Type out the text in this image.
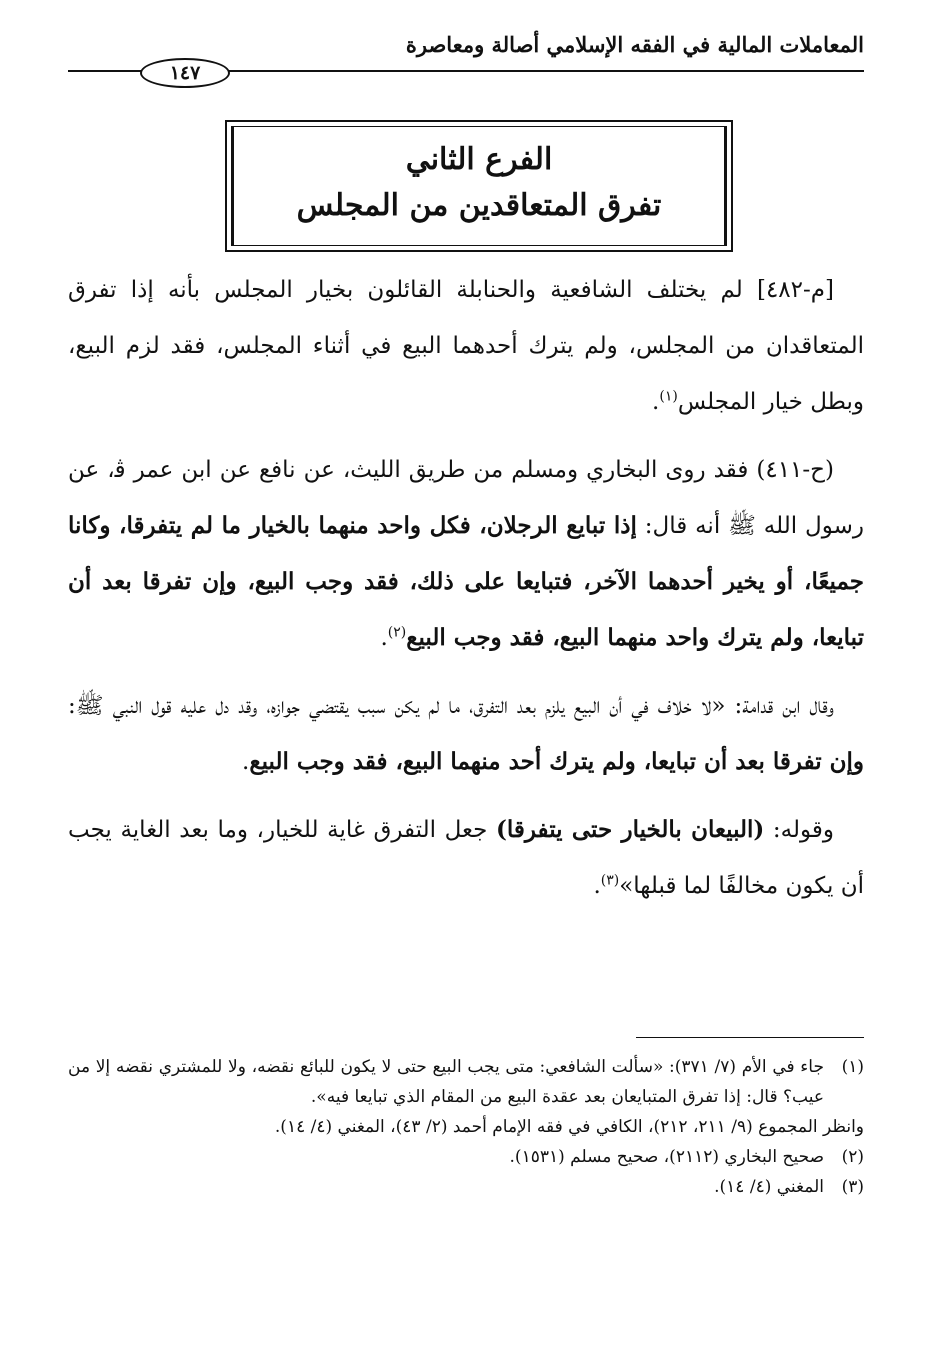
المعاملات المالية في الفقه الإسلامي أصالة ومعاصرة
١٤٧
الفرع الثاني
تفرق المتعاقدين من المجلس

[م-٤٨٢] لم يختلف الشافعية والحنابلة القائلون بخيار المجلس بأنه إذا تفرق المتعاقدان من المجلس، ولم يترك أحدهما البيع في أثناء المجلس، فقد لزم البيع، وبطل خيار المجلس$^{(١)}$.

(ح-٤١١) فقد روى البخاري ومسلم من طريق الليث، عن نافع عن ابن عمر ﭬ، عن رسول الله ﷺ أنه قال: إذا تبايع الرجلان، فكل واحد منهما بالخيار ما لم يتفرقا، وكانا جميعًا، أو يخير أحدهما الآخر، فتبايعا على ذلك، فقد وجب البيع، وإن تفرقا بعد أن تبايعا، ولم يترك واحد منهما البيع، فقد وجب البيع$^{(٢)}$.

وقال ابن قدامة: «لا خلاف في أن البيع يلزم بعد التفرق، ما لم يكن سبب يقتضي جوازه، وقد دل عليه قول النبي ﷺ: وإن تفرقا بعد أن تبايعا، ولم يترك أحد منهما البيع، فقد وجب البيع.

وقوله: (البيعان بالخيار حتى يتفرقا) جعل التفرق غاية للخيار، وما بعد الغاية يجب أن يكون مخالفًا لما قبلها»$^{(٣)}$.

(١)
جاء في الأم (٧/ ٣٧١): «سألت الشافعي: متى يجب البيع حتى لا يكون للبائع نقضه، ولا للمشتري نقضه إلا من عيب؟ قال: إذا تفرق المتبايعان بعد عقدة البيع من المقام الذي تبايعا فيه».

وانظر المجموع (٩/ ٢١١، ٢١٢)، الكافي في فقه الإمام أحمد (٢/ ٤٣)، المغني (٤/ ١٤).

(٢)
صحيح البخاري (٢١١٢)، صحيح مسلم (١٥٣١).

(٣)
المغني (٤/ ١٤).
